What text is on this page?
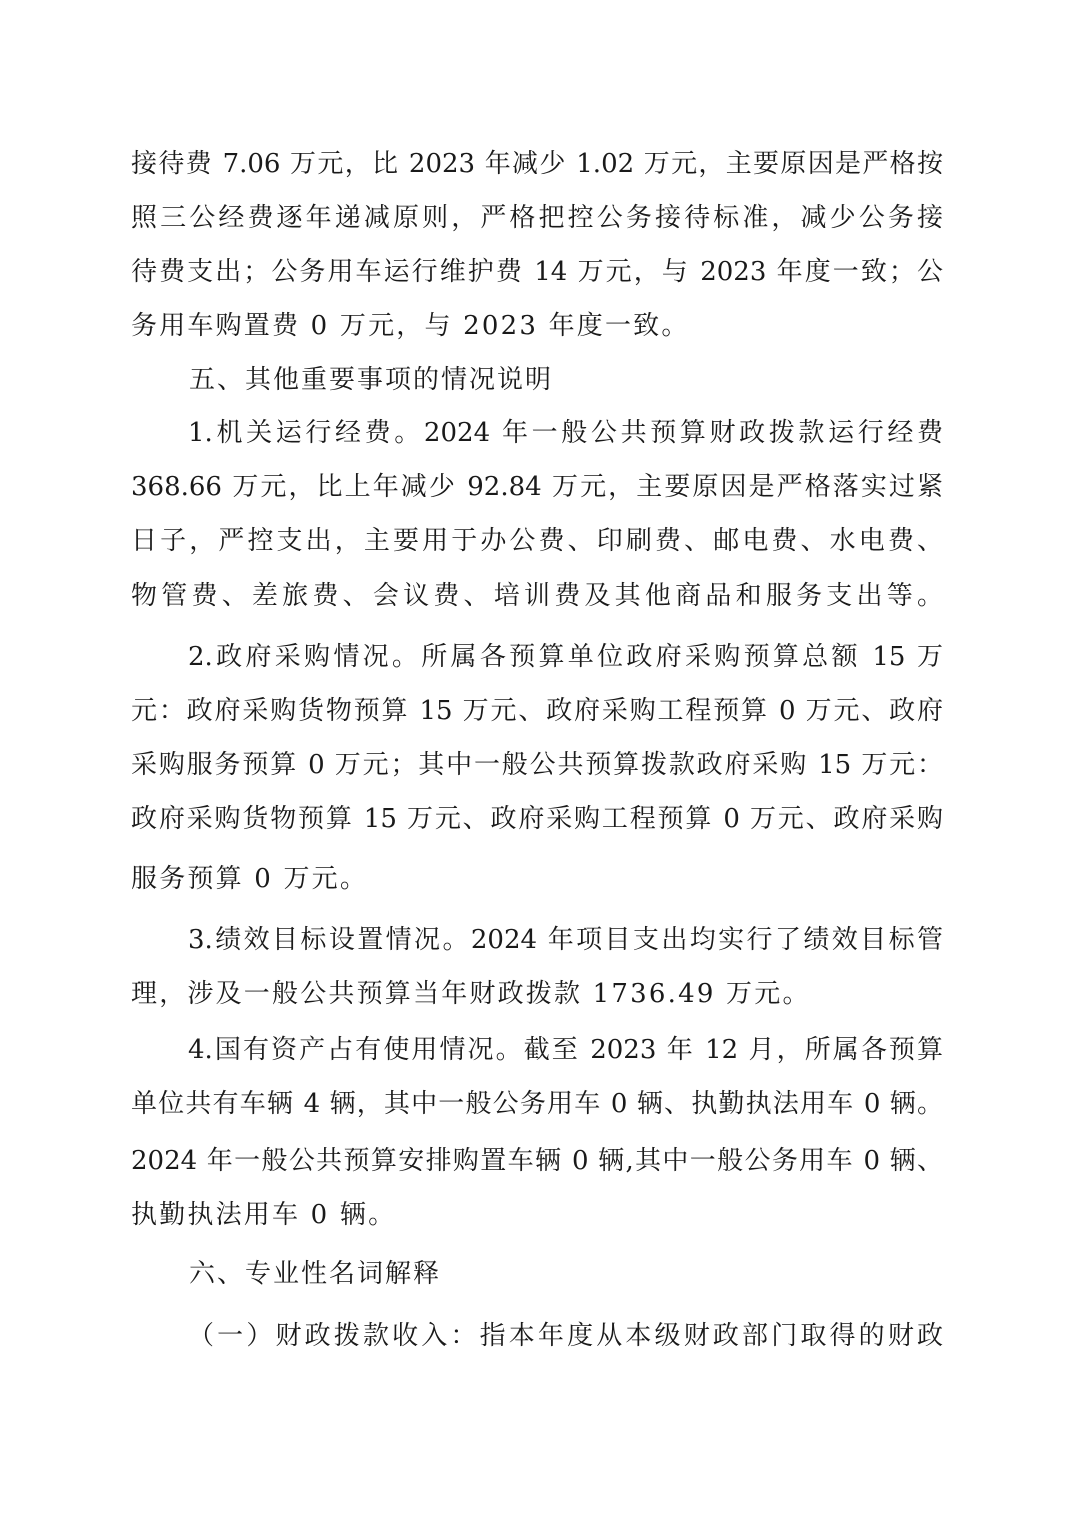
接待费 7.06 万元，比 2023 年减少 1.02 万元，主要原因是严格按
照三公经费逐年递减原则，严格把控公务接待标准，减少公务接
待费支出；公务用车运行维护费 14 万元，与 2023 年度一致；公
务用车购置费 0 万元，与 2023 年度一致。
五、其他重要事项的情况说明
1.机关运行经费。2024 年一般公共预算财政拨款运行经费
368.66 万元，比上年减少 92.84 万元，主要原因是严格落实过紧
日子，严控支出，主要用于办公费、印刷费、邮电费、水电费、
物管费、差旅费、会议费、培训费及其他商品和服务支出等。
2.政府采购情况。所属各预算单位政府采购预算总额 15 万
元：政府采购货物预算 15 万元、政府采购工程预算 0 万元、政府
采购服务预算 0 万元；其中一般公共预算拨款政府采购 15 万元：
政府采购货物预算 15 万元、政府采购工程预算 0 万元、政府采购
服务预算 0 万元。
3.绩效目标设置情况。2024 年项目支出均实行了绩效目标管
理，涉及一般公共预算当年财政拨款 1736.49 万元。
4.国有资产占有使用情况。截至 2023 年 12 月，所属各预算
单位共有车辆 4 辆，其中一般公务用车 0 辆、执勤执法用车 0 辆。
2024 年一般公共预算安排购置车辆 0 辆,其中一般公务用车 0 辆、
执勤执法用车 0 辆。
六、专业性名词解释
（一）财政拨款收入：指本年度从本级财政部门取得的财政
